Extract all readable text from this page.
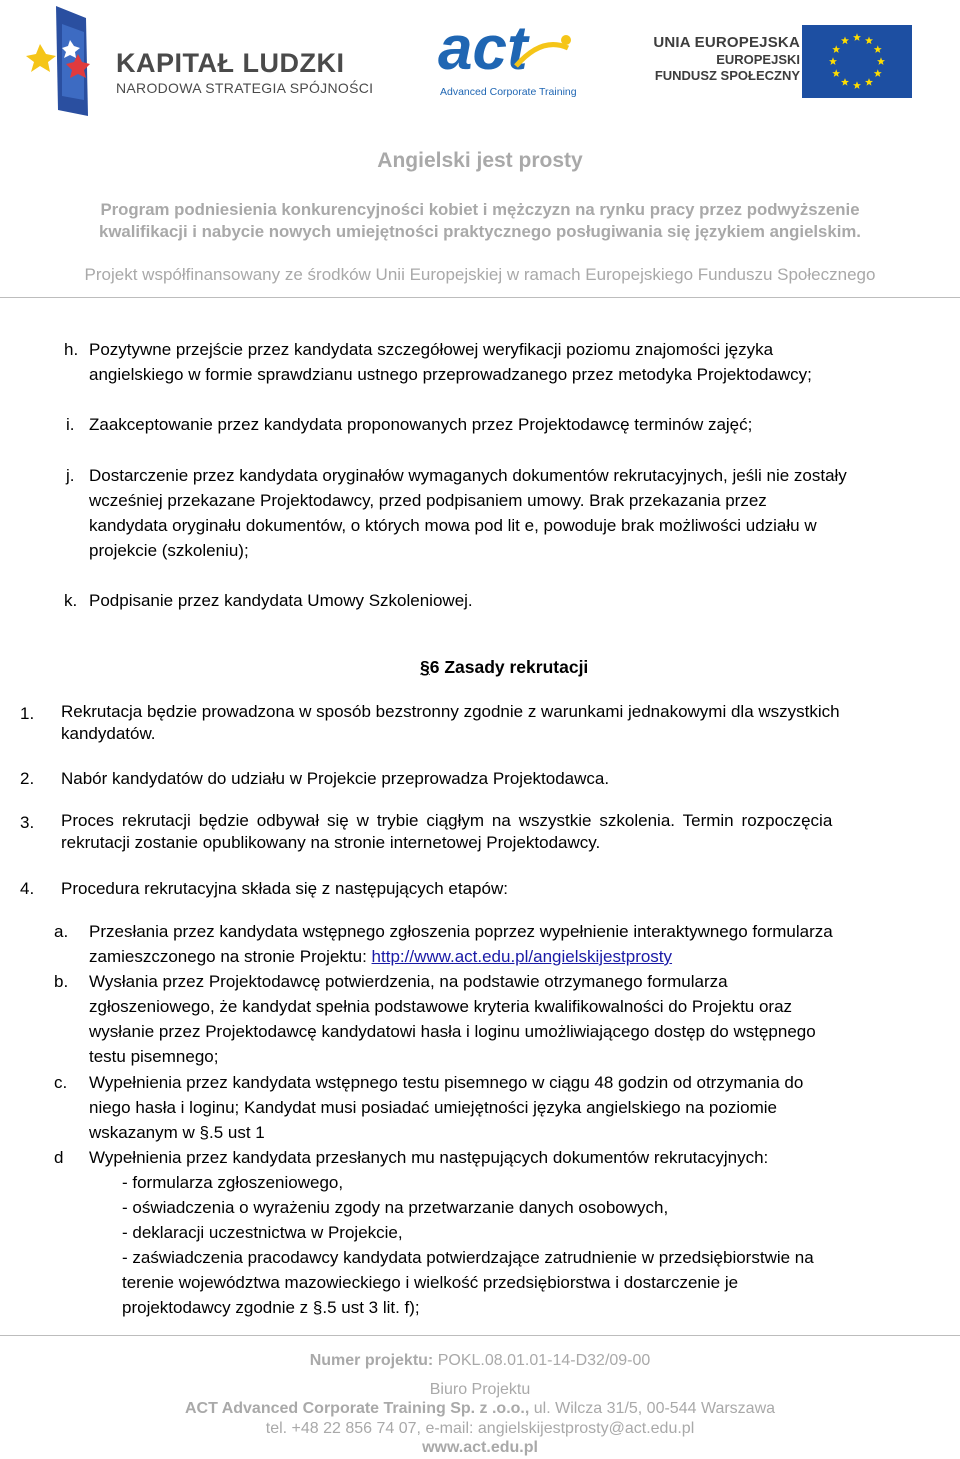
KAPITAŁ LUDZKI
NARODOWA STRATEGIA SPÓJNOŚCI
act
Advanced Corporate Training
UNIA EUROPEJSKA
EUROPEJSKI
FUNDUSZ SPOŁECZNY
Angielski jest prosty
Program podniesienia konkurencyjności kobiet i mężczyzn na rynku pracy przez podwyższenie
kwalifikacji i nabycie nowych umiejętności praktycznego posługiwania się językiem angielskim.
Projekt współfinansowany ze środków Unii Europejskiej w ramach Europejskiego Funduszu Społecznego
h. Pozytywne przejście przez kandydata szczegółowej weryfikacji poziomu znajomości języka
angielskiego w formie sprawdzianu ustnego przeprowadzanego przez metodyka Projektodawcy;
i. Zaakceptowanie przez kandydata proponowanych przez Projektodawcę terminów zajęć;
j. Dostarczenie przez kandydata oryginałów wymaganych dokumentów rekrutacyjnych, jeśli nie zostały
wcześniej przekazane Projektodawcy, przed podpisaniem umowy. Brak przekazania przez
kandydata oryginału dokumentów, o których mowa pod lit e, powoduje brak możliwości udziału w
projekcie (szkoleniu);
k. Podpisanie przez kandydata Umowy Szkoleniowej.
§6 Zasady rekrutacji
1.	Rekrutacja będzie prowadzona w sposób bezstronny zgodnie z warunkami jednakowymi dla wszystkich
kandydatów.
2.	Nabór kandydatów do udziału w Projekcie przeprowadza Projektodawca.
3.	Proces rekrutacji będzie odbywał się w trybie ciągłym na wszystkie szkolenia. Termin rozpoczęcia
rekrutacji zostanie opublikowany na stronie internetowej Projektodawcy.
4.	Procedura rekrutacyjna składa się z następujących etapów:
a.	Przesłania przez kandydata wstępnego zgłoszenia poprzez wypełnienie interaktywnego formularza
zamieszczonego na stronie Projektu: http://www.act.edu.pl/angielskijestprosty
b.	Wysłania przez Projektodawcę potwierdzenia, na podstawie otrzymanego formularza
zgłoszeniowego, że kandydat spełnia podstawowe kryteria kwalifikowalności do Projektu oraz
wysłanie przez Projektodawcę kandydatowi hasła i loginu umożliwiającego dostęp do wstępnego
testu pisemnego;
c.	Wypełnienia przez kandydata wstępnego testu pisemnego w ciągu 48 godzin od otrzymania do
niego hasła i loginu; Kandydat musi posiadać umiejętności języka angielskiego na poziomie
wskazanym w §.5 ust 1
d	Wypełnienia przez kandydata przesłanych mu następujących dokumentów rekrutacyjnych:
- formularza zgłoszeniowego,
- oświadczenia o wyrażeniu zgody na przetwarzanie danych osobowych,
- deklaracji uczestnictwa w Projekcie,
- zaświadczenia pracodawcy kandydata potwierdzające zatrudnienie w przedsiębiorstwie na
terenie województwa mazowieckiego i wielkość przedsiębiorstwa i dostarczenie je
projektodawcy zgodnie z §.5 ust 3 lit. f);
Numer projektu: POKL.08.01.01-14-D32/09-00
Biuro Projektu
ACT Advanced Corporate Training Sp. z .o.o., ul. Wilcza 31/5, 00-544 Warszawa
tel. +48 22 856 74 07, e-mail: angielskijestprosty@act.edu.pl
www.act.edu.pl
